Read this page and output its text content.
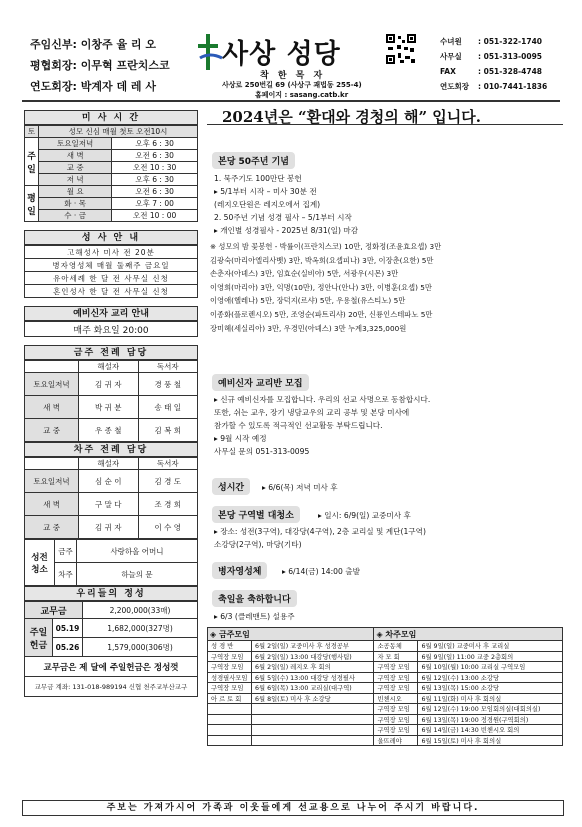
주임신부: 이창주 율 리 오
평협회장: 이무혁 프란치스코
연도회장: 박계자 데 레 사
사상 성당
착 한 목 자
사상로 250번길 69 (사상구 괘법동 255-4)
홈페이지 : sasang.catb.kr
수녀원	: 051-322-1740
사무실	: 051-313-0095
FAX	: 051-328-4748
연도회장	: 010-7441-1836
미 사 시 간
토	성모 신심 매월 첫토 오전10시	
주일	토요일저녁	오후 6 : 30
	새 벽	오전 6 : 30
	교 중	오전 10 : 30
	저 녁	오후 6 : 30
평일	월 요	오전 6 : 30
	화 · 목	오후 7 : 00
	수 · 금	오전 10 : 00
성 사 안 내
고해성사 미사 전 20분
병자영성체 매월 둘째주 금요일
유아세례 한 달 전 사무실 신청
혼인성사 한 달 전 사무실 신청
예비신자 교리 안내
매주 화요일 20:00
금주 전례 담당
	해설자	독서자
토요일저녁	김 귀 자	경 풍 철
새 벽	박 귀 분	송 태 일
교 중	우 종 철	김 복 희
차주 전례 담당
	해설자	독서자
토요일저녁	심 순 이	김 경 도
새 벽	구 말 다	조 경 희
교 중	김 귀 자	이 수 영
성전 청소	금주	사랑하올 어머니
	차주	하늘의 문
우리들의 정성
교무금		2,200,000(33매)
주일 헌금	05.19	1,682,000(327명)
	05.26	1,579,000(306명)
교무금은 제 달에 주일헌금은 정성껏		
교무금 계좌: 131-018-989194 신협 천주교부산교구		
2024년은 “환대와 경청의 해” 입니다.
본당 50주년 기념
1. 묵주기도 100만단 봉헌
▸ 5/1부터 시작 – 미사 30분 전
(레지오단원은 레지오에서 집계)
2. 50주년 기념 성경 필사 – 5/1부터 시작
▸ 개인별 성경필사 - 2025년 8/31(일) 마감
※ 성모의 밤 꽃봉헌 - 박률이(프란치스코) 10만, 정화정(조윤효요셉) 3만
김광숙(마리아엘리사벳) 3만, 박옥희(요셉피나) 3만, 이장춘(요한) 5만
손춘자(아녜스) 3만, 임효순(실비아) 5만, 서광우(시몬) 3만
이영희(마리아) 3만, 익명(10만), 정안나(안나) 3만, 이병훈(요셉) 5만
이영애(헬레나) 5만, 장덕지(르샤) 5만, 우용철(유스티노) 5만
이종화(플로렌시오) 5만, 조영순(파트리샤) 20만, 신룡인스테파노 5만
장미혜(세실리아) 3만, 우경민(아녜스) 3만 누계3,325,000원
예비신자 교리반 모집
▸ 신규 예비신자를 모집합니다. 우리의 선교 사명으로 동참합시다.
또한, 쉬는 교우, 장기 냉담교우의 교리 공부 및 본당 미사에
참가할 수 있도록 적극적인 선교활동 부탁드립니다.
▸ 9월 시작 예정
사무실 문의 051-313-0095
성시간	▸ 6/6(목) 저녁 미사 후
본당 구역별 대청소	▸ 일시: 6/9(일) 교중미사 후
▸ 장소: 성전(3구역), 대강당(4구역), 2층 교리실 및 계단(1구역)
소강당(2구역), 마당(기타)
병자영성체	▸ 6/14(금) 14:00 출발
축일을 축하합니다
▸ 6/3 (클레맨트) 설용주
◈ 금주모임		◈ 차주모임	
성 경 반	6월 2일(일) 교중미사 후 성경공부	소공동체	6월 9일(일) 교중미사 후 교리실
구역장 모임	6월 2일(일) 13:00 대강당(행사팀)	자 모 회	6월 9일(일) 11:00 교중 2층회의
구역장 모임	6월 2일(일) 레지오 후 회의	구역장 모임	6월 10일(월) 10:00 교리실 구역모임
성경필사모임	6월 5일(수) 13:00 대강당 성경필사	구역장 모임	6월 12일(수) 13:00 소강당
구역장 모임	6월 6일(목) 13:00 교리실(대구역)	구역장 모임	6월 13일(목) 15:00 소강당
아 르 토 회	6월 8일(토) 미사 후 소강당	빈첸시오	6월 11일(화) 미사 후 회의실
		구역장 모임	6월 12일(수) 19:00 모임회의실(대회의실)
		구역장 모임	6월 13일(목) 19:00 정경원(구역회의)
		구역장 모임	6월 14일(금) 14:30 빈첸시오 회의
		울뜨레야	6월 15일(토) 미사 후 회의실
주보는 가져가시어 가족과 이웃들에게 선교용으로 나누어 주시기 바랍니다.
